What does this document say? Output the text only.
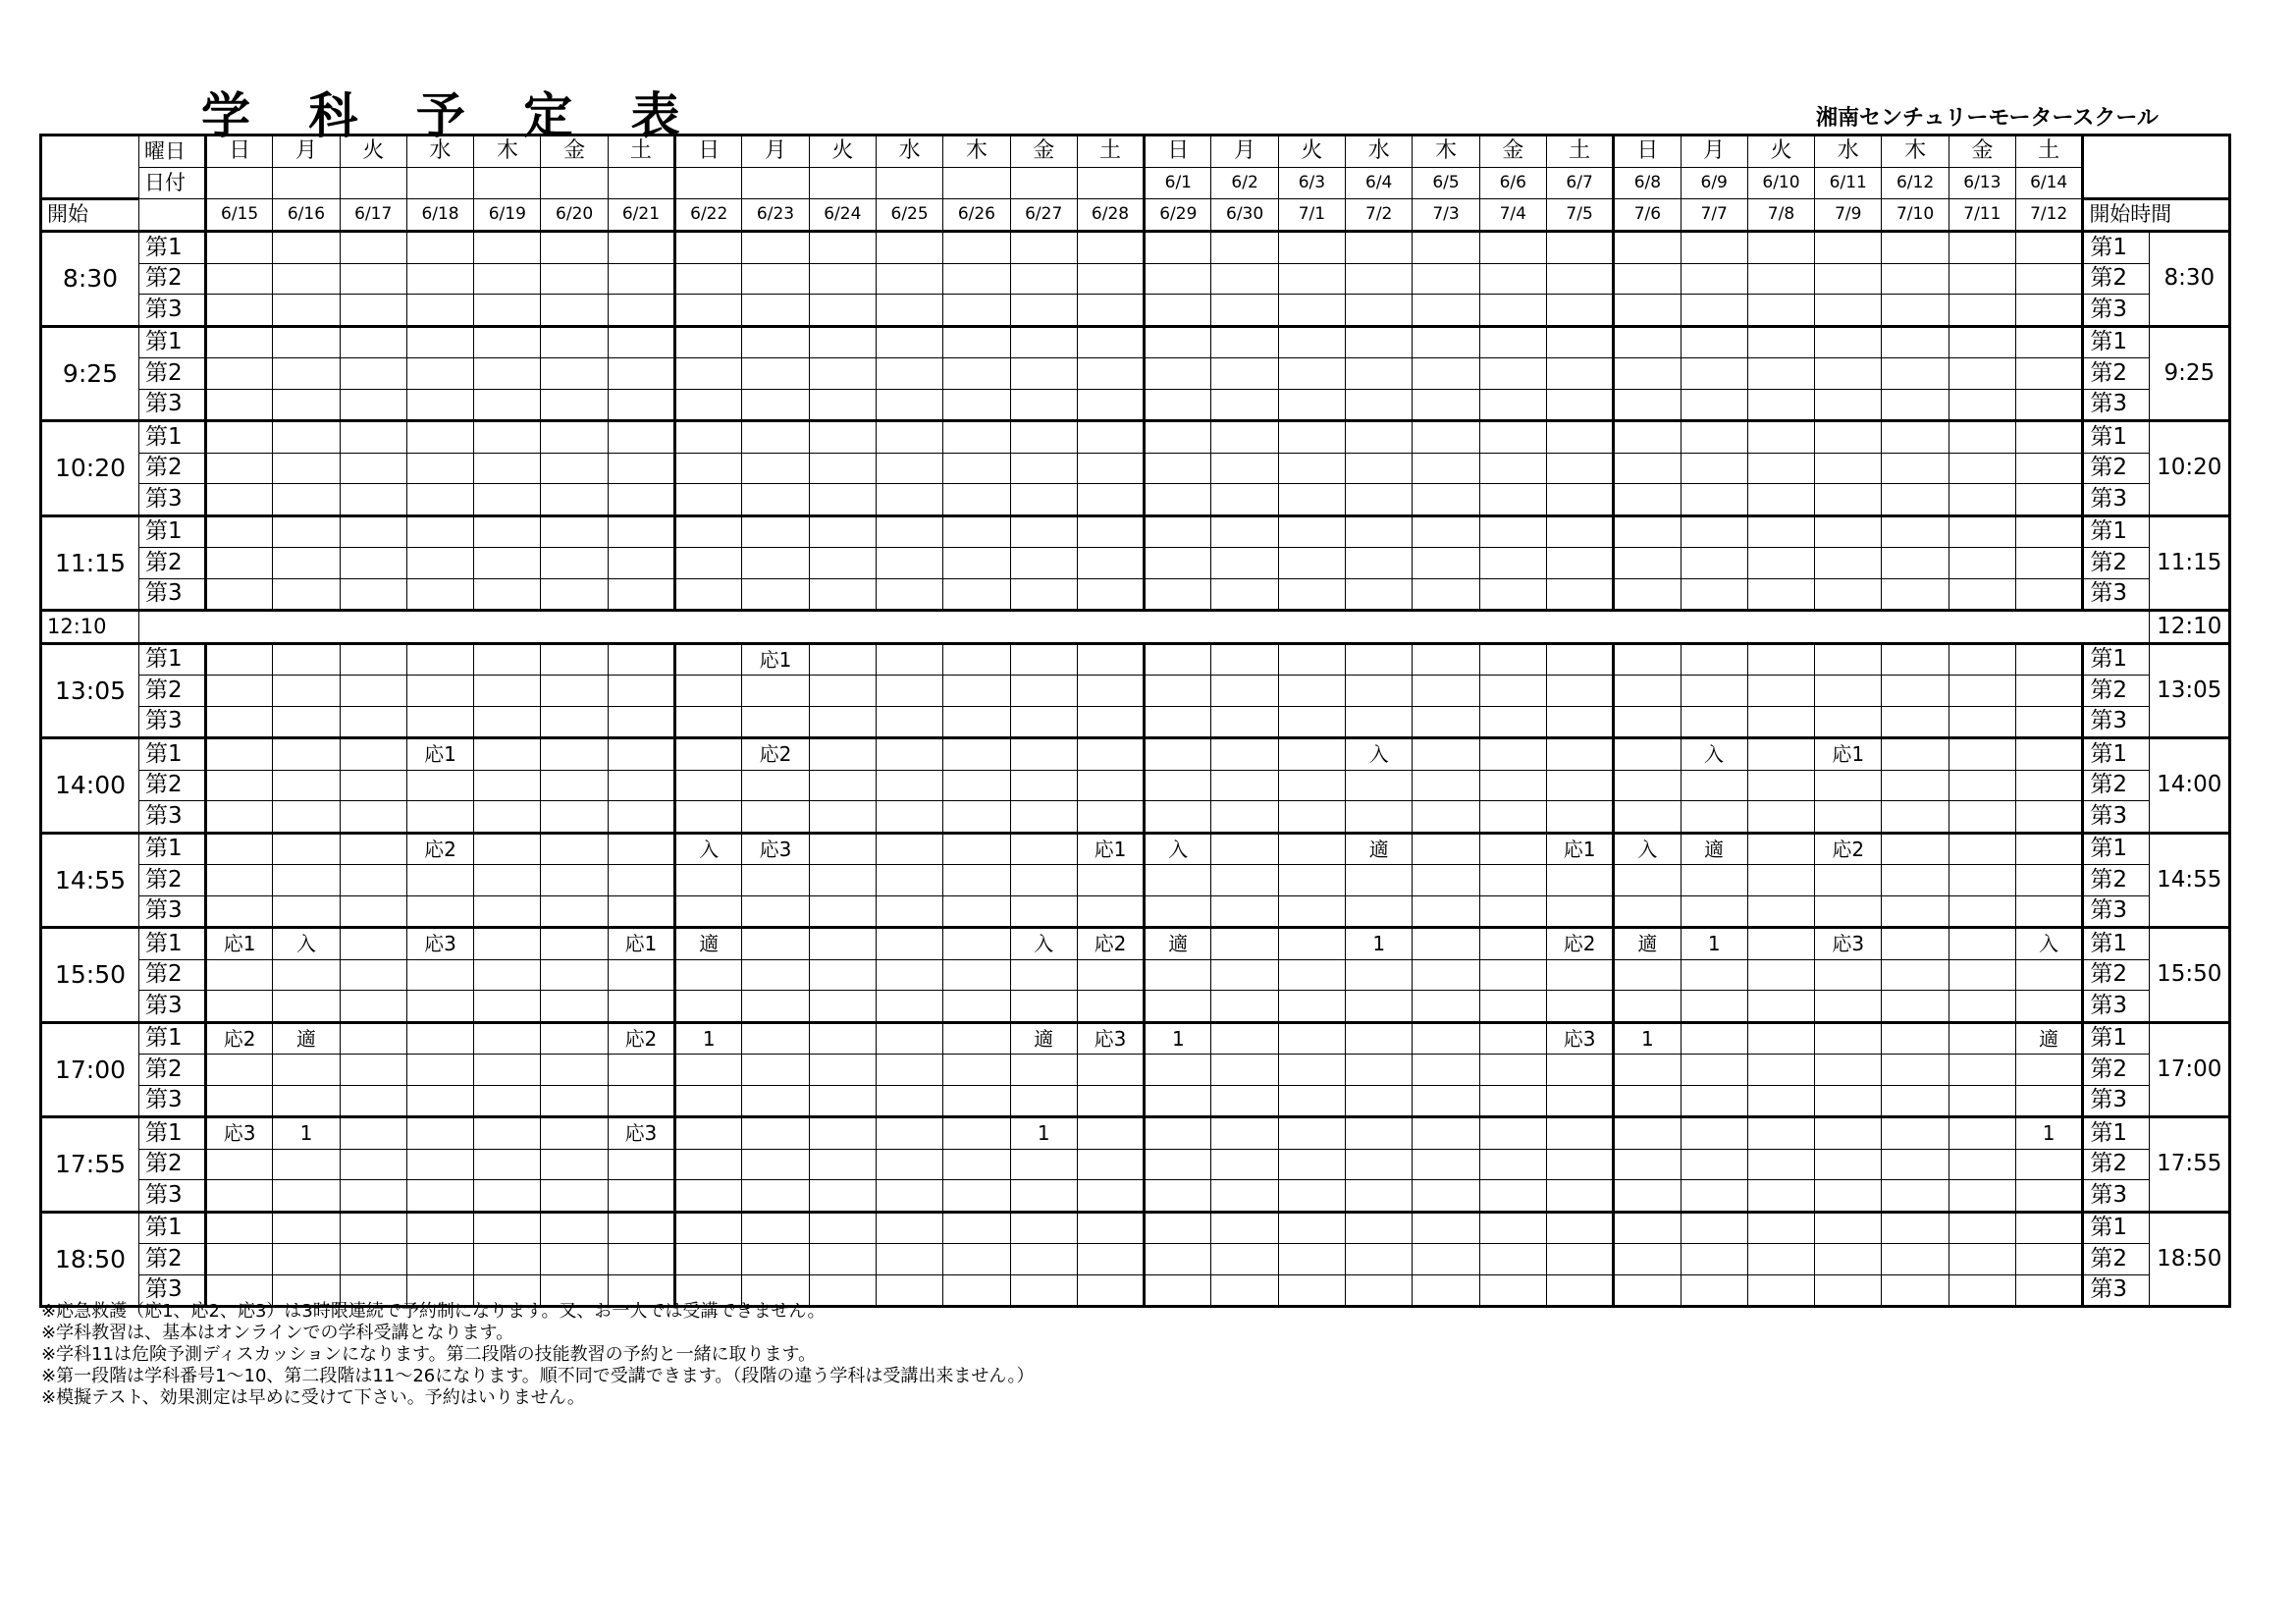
学 科 予 定 表	湘南センチュリーモータースクール
	曜日	日	月	火	水	木	金	土	日	月	火	水	木	金	土	日	月	火	水	木	金	土	日	月	火	水	木	金	土		
	日付															6/1	6/2	6/3	6/4	6/5	6/6	6/7	6/8	6/9	6/10	6/11	6/12	6/13	6/14		
開始		6/15	6/16	6/17	6/18	6/19	6/20	6/21	6/22	6/23	6/24	6/25	6/26	6/27	6/28	6/29	6/30	7/1	7/2	7/3	7/4	7/5	7/6	7/7	7/8	7/9	7/10	7/11	7/12	開始時間	
8:30	第1																													第1	8:30
	第2																													第2	
	第3																													第3	
9:25	第1																													第1	9:25
	第2																													第2	
	第3																													第3	
10:20	第1																													第1	10:20
	第2																													第2	
	第3																													第3	
11:15	第1																													第1	11:15
	第2																													第2	
	第3																													第3	
12:10																															12:10
13:05	第1									応1																				第1	13:05
	第2																													第2	
	第3																													第3	
14:00	第1				応1					応2									入					入		応1				第1	14:00
	第2																													第2	
	第3																													第3	
14:55	第1				応2				入	応3					応1	入			適			応1	入	適		応2				第1	14:55
	第2																													第2	
	第3																													第3	
15:50	第1	応1	入		応3			応1	適					入	応2	適			1			応2	適	1		応3			入	第1	15:50
	第2																													第2	
	第3																													第3	
17:00	第1	応2	適					応2	1					適	応3	1						応3	1						適	第1	17:00
	第2																													第2	
	第3																													第3	
17:55	第1	応3	1					応3						1															1	第1	17:55
	第2																													第2	
	第3																													第3	
18:50	第1																													第1	18:50
	第2																													第2	
	第3																													第3	
※応急救護（応1、応2、応3）は3時限連続で予約制になります。又、お一人では受講できません。
※学科教習は、基本はオンラインでの学科受講となります。
※学科11は危険予測ディスカッションになります。第二段階の技能教習の予約と一緒に取ります。
※第一段階は学科番号1～10、第二段階は11～26になります。順不同で受講できます。（段階の違う学科は受講出来ません。）
※模擬テスト、効果測定は早めに受けて下さい。予約はいりません。
